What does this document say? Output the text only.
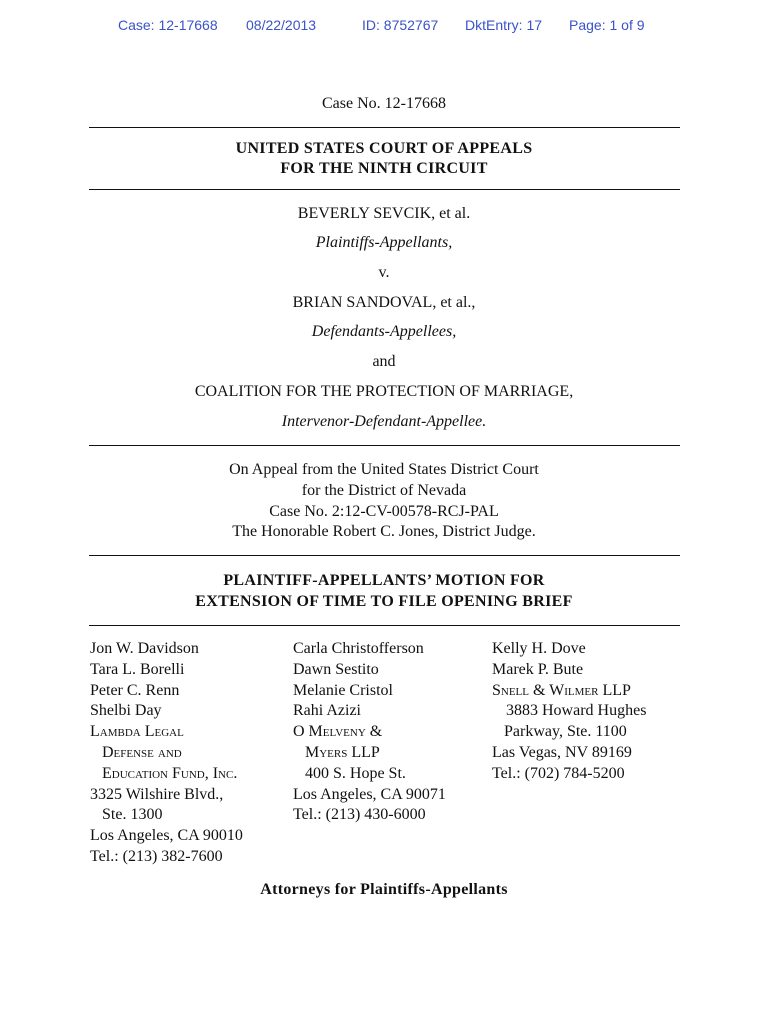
Case: 12-17668 08/22/2013	ID: 8752767 DktEntry: 17 Page: 1 of 9
Case No. 12-17668
UNITED STATES COURT OF APPEALS
FOR THE NINTH CIRCUIT
BEVERLY SEVCIK, et al.
Plaintiffs-Appellants,
v.
BRIAN SANDOVAL, et al.,
Defendants-Appellees,
and
COALITION FOR THE PROTECTION OF MARRIAGE,
Intervenor-Defendant-Appellee.
On Appeal from the United States District Court
for the District of Nevada
Case No. 2:12-CV-00578-RCJ-PAL
The Honorable Robert C. Jones, District Judge.
PLAINTIFF-APPELLANTS’ MOTION FOR
EXTENSION OF TIME TO FILE OPENING BRIEF
Jon W. Davidson
Tara L. Borelli
Peter C. Renn
Shelbi Day
Lambda Legal
Defense and
Education Fund, Inc.
3325 Wilshire Blvd.,
Ste. 1300
Los Angeles, CA 90010
Tel.: (213) 382-7600
Carla Christofferson
Dawn Sestito
Melanie Cristol
Rahi Azizi
O Melveny &
Myers LLP
400 S. Hope St.
Los Angeles, CA 90071
Tel.: (213) 430-6000
Kelly H. Dove
Marek P. Bute
Snell & Wilmer LLP
3883 Howard Hughes
Parkway, Ste. 1100
Las Vegas, NV 89169
Tel.: (702) 784-5200
Attorneys for Plaintiffs-Appellants
